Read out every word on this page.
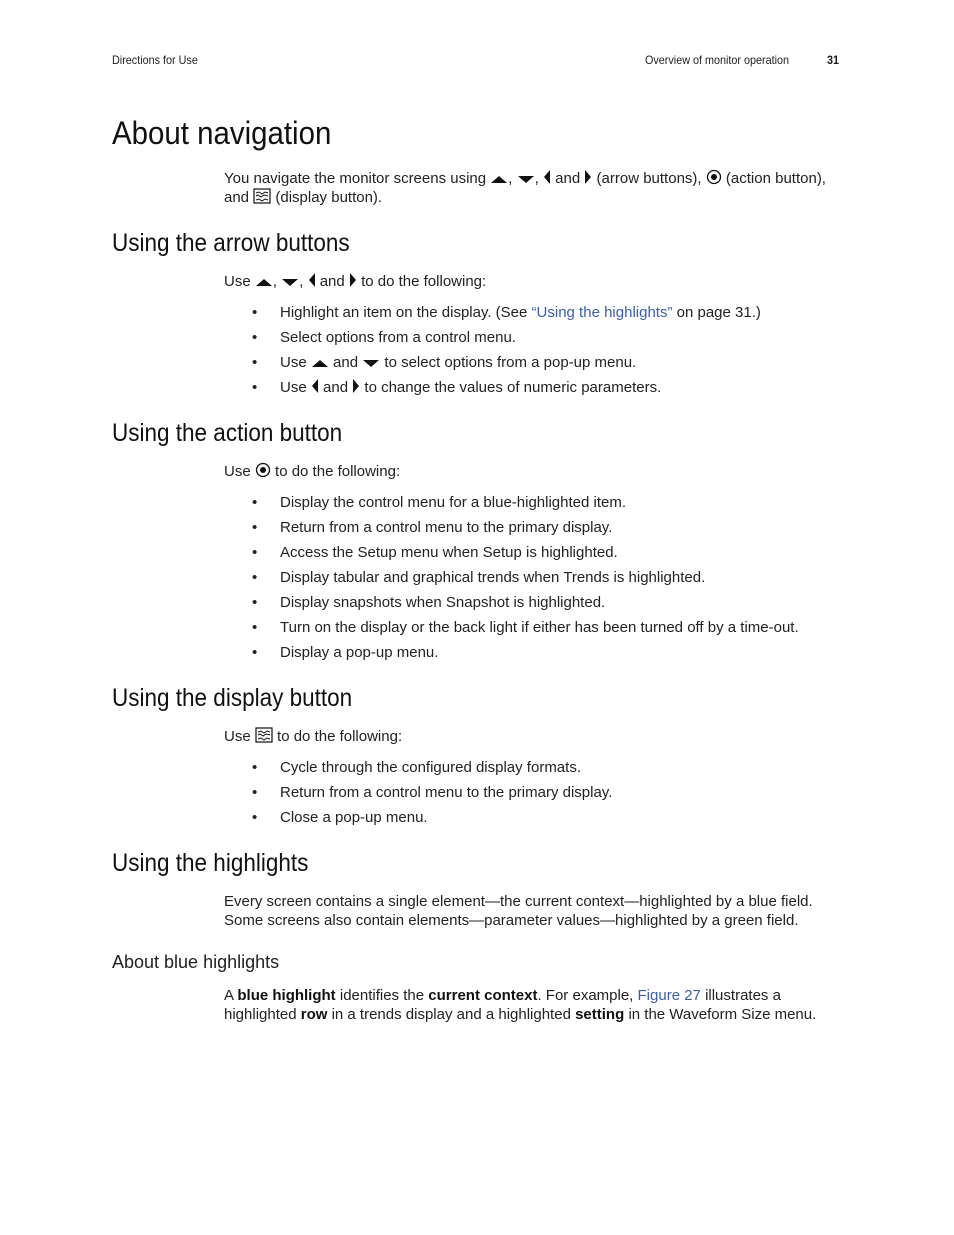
Directions for Use	Overview of monitor operation	31
About navigation
You navigate the monitor screens using , , and (arrow buttons), (action button),
and (display button).
Using the arrow buttons
Use , , and to do the following:
• Highlight an item on the display. (See “Using the highlights” on page 31.)
• Select options from a control menu.
• Use and to select options from a pop-up menu.
• Use and to change the values of numeric parameters.
Using the action button
Use to do the following:
• Display the control menu for a blue-highlighted item.
• Return from a control menu to the primary display.
• Access the Setup menu when Setup is highlighted.
• Display tabular and graphical trends when Trends is highlighted.
• Display snapshots when Snapshot is highlighted.
• Turn on the display or the back light if either has been turned off by a time-out.
• Display a pop-up menu.
Using the display button
Use to do the following:
• Cycle through the configured display formats.
• Return from a control menu to the primary display.
• Close a pop-up menu.
Using the highlights
Every screen contains a single element—the current context—highlighted by a blue field.
Some screens also contain elements—parameter values—highlighted by a green field.
About blue highlights
A blue highlight identifies the current context. For example, Figure 27 illustrates a
highlighted row in a trends display and a highlighted setting in the Waveform Size menu.
